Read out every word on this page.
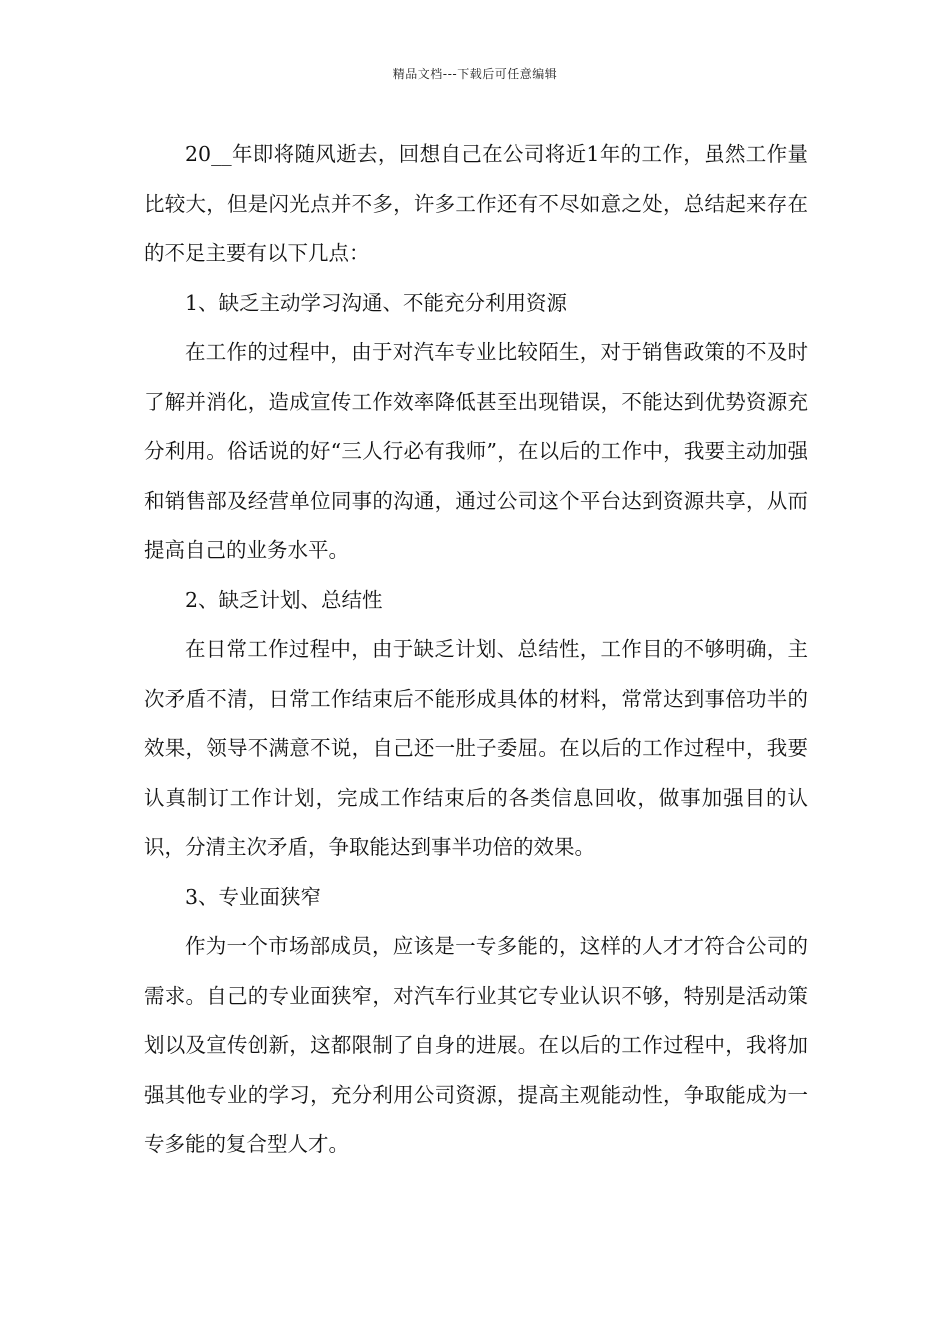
精品文档---下载后可任意编辑

20__年即将随风逝去，回想自己在公司将近1年的工作，虽然工作量比较大，但是闪光点并不多，许多工作还有不尽如意之处，总结起来存在的不足主要有以下几点：

1、缺乏主动学习沟通、不能充分利用资源

在工作的过程中，由于对汽车专业比较陌生，对于销售政策的不及时了解并消化，造成宣传工作效率降低甚至出现错误，不能达到优势资源充分利用。俗话说的好“三人行必有我师”，在以后的工作中，我要主动加强和销售部及经营单位同事的沟通，通过公司这个平台达到资源共享，从而提高自己的业务水平。

2、缺乏计划、总结性

在日常工作过程中，由于缺乏计划、总结性，工作目的不够明确，主次矛盾不清，日常工作结束后不能形成具体的材料，常常达到事倍功半的效果，领导不满意不说，自己还一肚子委屈。在以后的工作过程中，我要认真制订工作计划，完成工作结束后的各类信息回收，做事加强目的认识，分清主次矛盾，争取能达到事半功倍的效果。

3、专业面狭窄

作为一个市场部成员，应该是一专多能的，这样的人才才符合公司的需求。自己的专业面狭窄，对汽车行业其它专业认识不够，特别是活动策划以及宣传创新，这都限制了自身的进展。在以后的工作过程中，我将加强其他专业的学习，充分利用公司资源，提高主观能动性，争取能成为一专多能的复合型人才。
